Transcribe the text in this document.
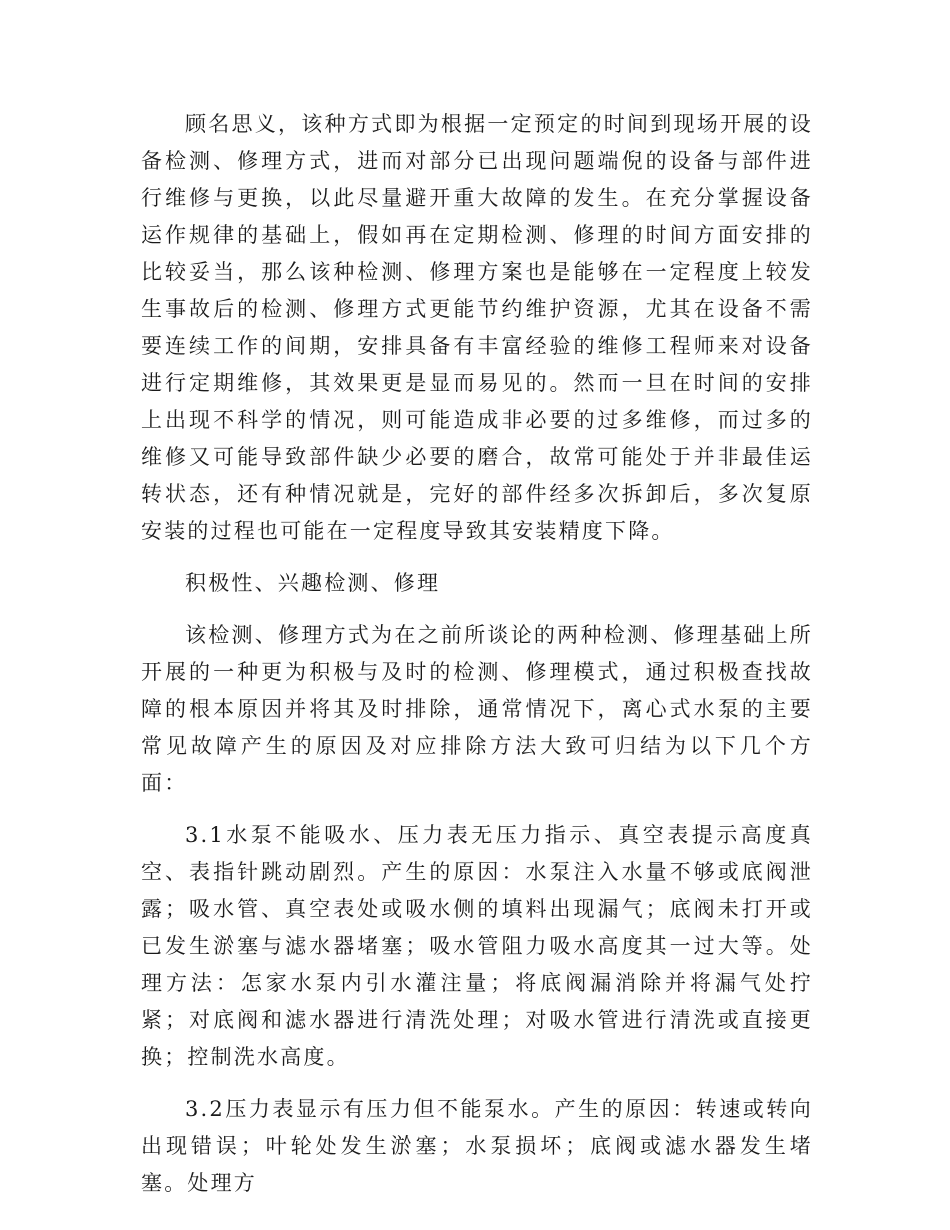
顾名思义，该种方式即为根据一定预定的时间到现场开展的设备检测、修理方式，进而对部分已出现问题端倪的设备与部件进行维修与更换，以此尽量避开重大故障的发生。在充分掌握设备运作规律的基础上，假如再在定期检测、修理的时间方面安排的比较妥当，那么该种检测、修理方案也是能够在一定程度上较发生事故后的检测、修理方式更能节约维护资源，尤其在设备不需要连续工作的间期，安排具备有丰富经验的维修工程师来对设备进行定期维修，其效果更是显而易见的。然而一旦在时间的安排上出现不科学的情况，则可能造成非必要的过多维修，而过多的维修又可能导致部件缺少必要的磨合，故常可能处于并非最佳运转状态，还有种情况就是，完好的部件经多次拆卸后，多次复原安装的过程也可能在一定程度导致其安装精度下降。

积极性、兴趣检测、修理

该检测、修理方式为在之前所谈论的两种检测、修理基础上所开展的一种更为积极与及时的检测、修理模式，通过积极查找故障的根本原因并将其及时排除，通常情况下，离心式水泵的主要常见故障产生的原因及对应排除方法大致可归结为以下几个方面：

3.1水泵不能吸水、压力表无压力指示、真空表提示高度真空、表指针跳动剧烈。产生的原因：水泵注入水量不够或底阀泄露；吸水管、真空表处或吸水侧的填料出现漏气；底阀未打开或已发生淤塞与滤水器堵塞；吸水管阻力吸水高度其一过大等。处理方法：怎家水泵内引水灌注量；将底阀漏消除并将漏气处拧紧；对底阀和滤水器进行清洗处理；对吸水管进行清洗或直接更换；控制洗水高度。

3.2压力表显示有压力但不能泵水。产生的原因：转速或转向出现错误；叶轮处发生淤塞；水泵损坏；底阀或滤水器发生堵塞。处理方
